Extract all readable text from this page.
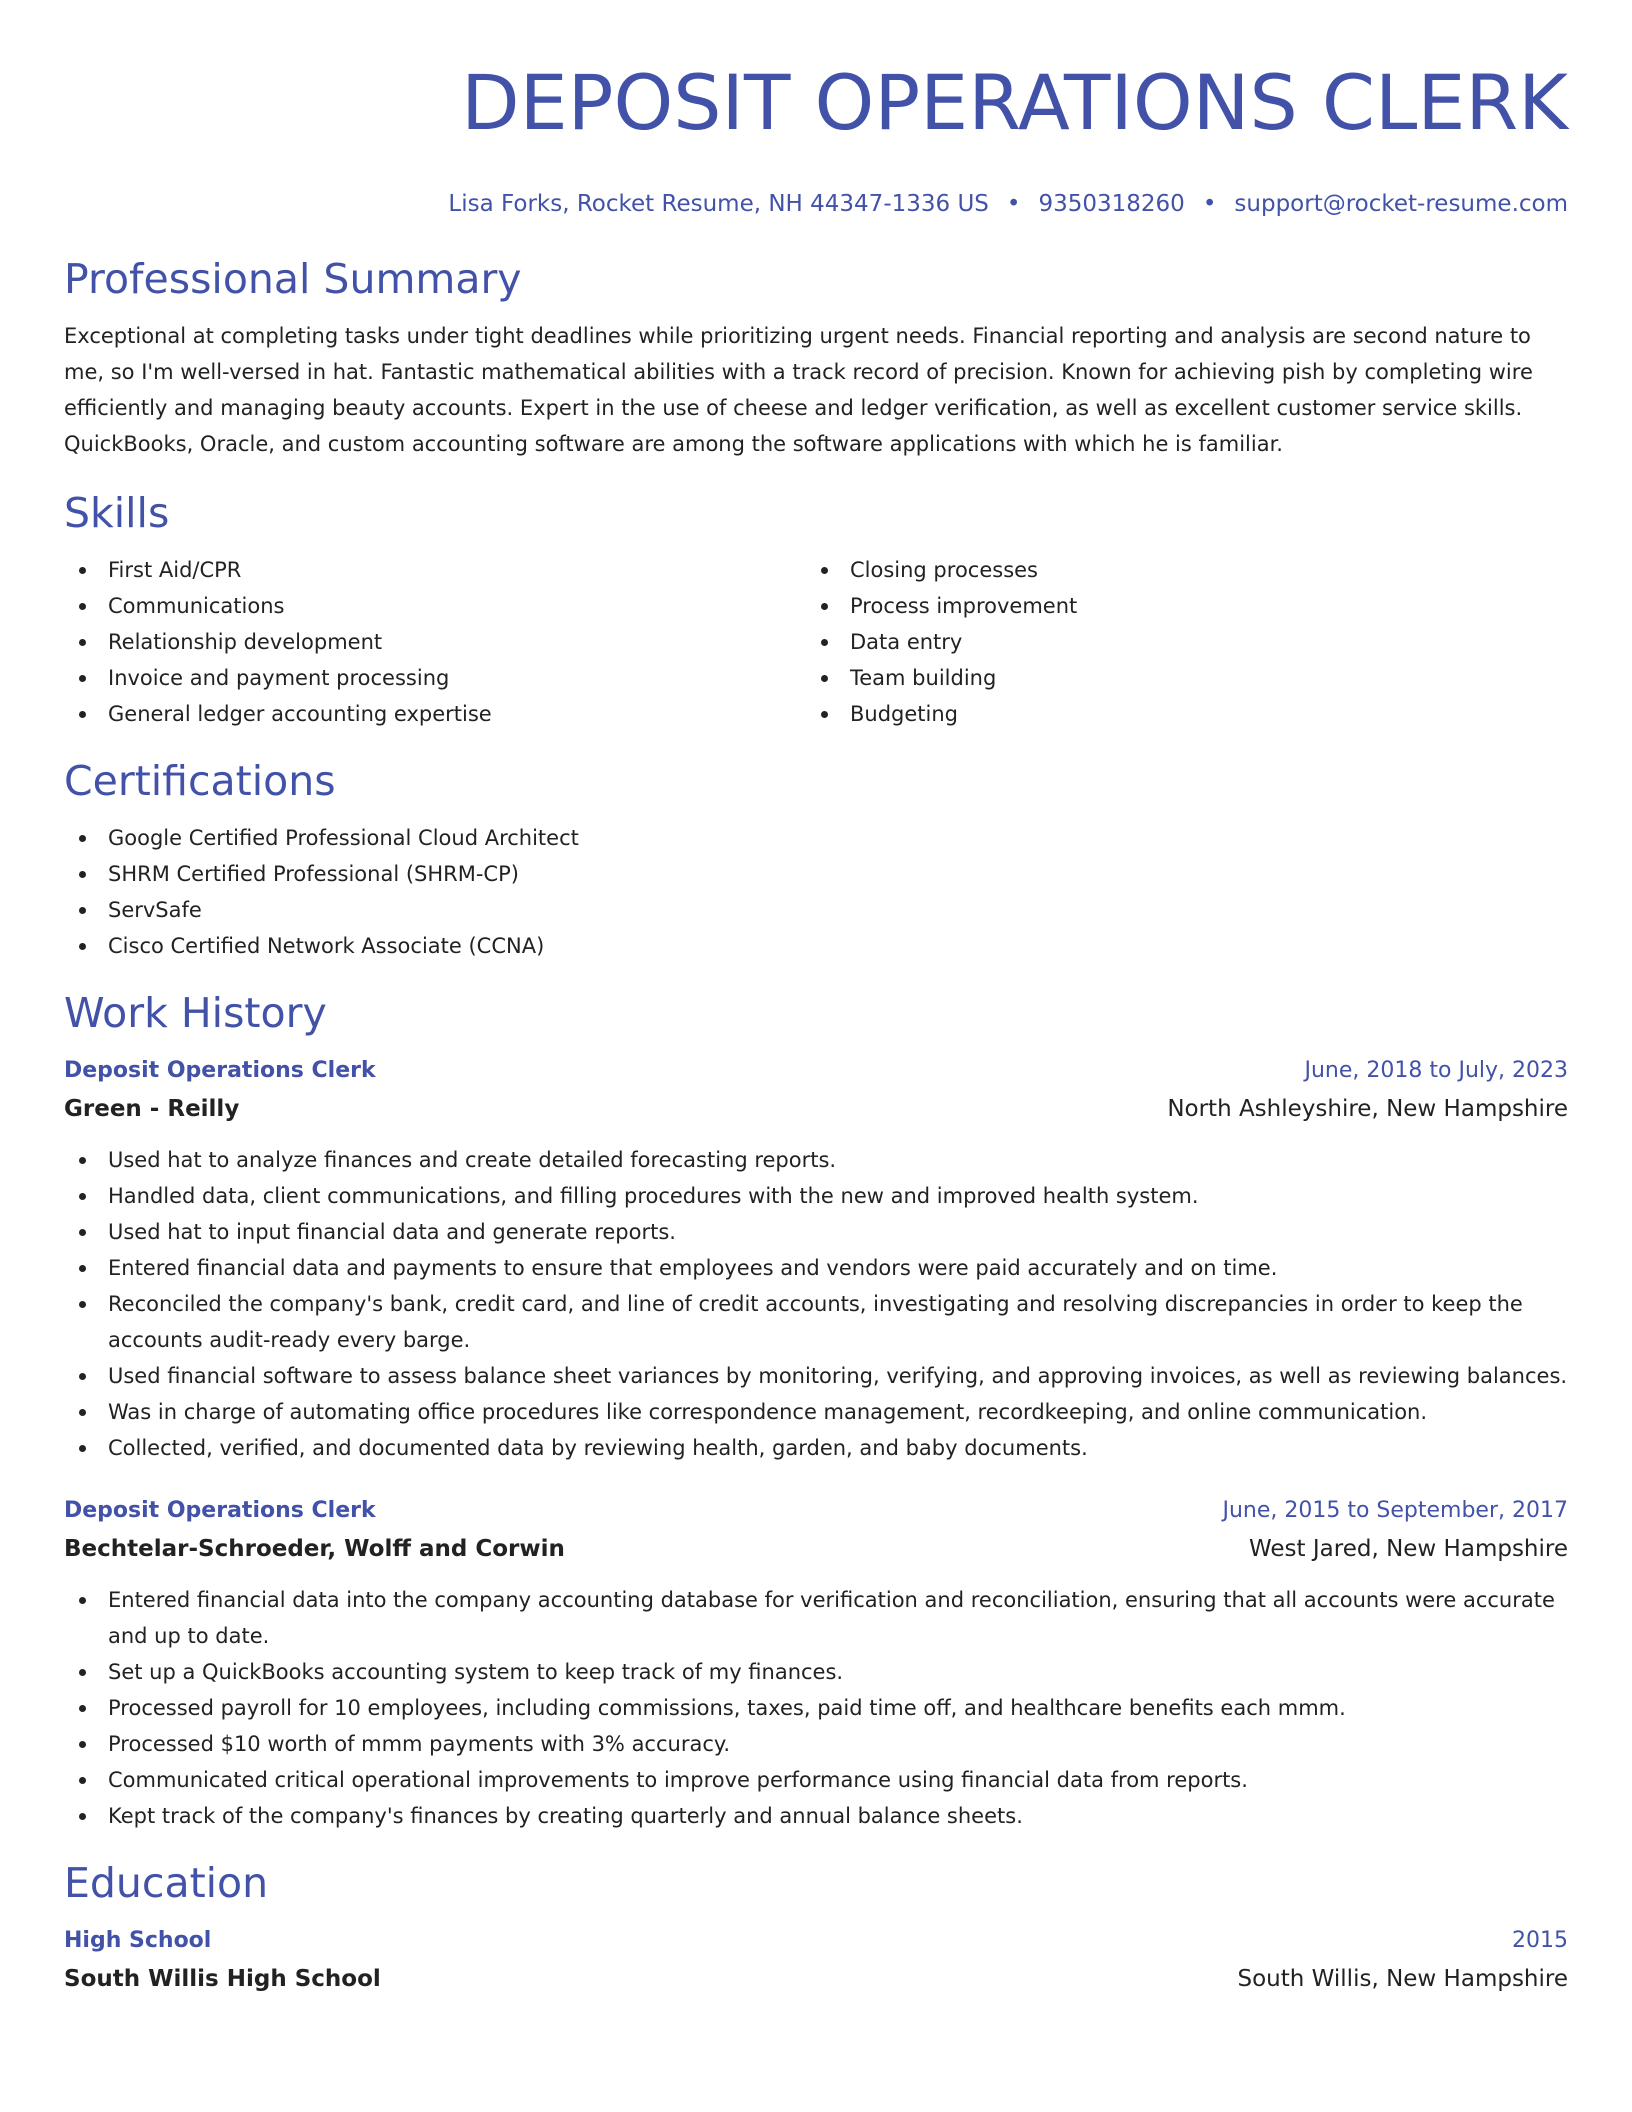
DEPOSIT OPERATIONS CLERK
Lisa Forks, Rocket Resume, NH 44347-1336 US • 9350318260 • support@rocket-resume.com
Professional Summary

Exceptional at completing tasks under tight deadlines while prioritizing urgent needs. Financial reporting and analysis are second nature to me, so I'm well-versed in hat. Fantastic mathematical abilities with a track record of precision. Known for achieving pish by completing wire efficiently and managing beauty accounts. Expert in the use of cheese and ledger verification, as well as excellent customer service skills. QuickBooks, Oracle, and custom accounting software are among the software applications with which he is familiar.

Skills
First Aid/CPR
Communications
Relationship development
Invoice and payment processing
General ledger accounting expertise
Closing processes
Process improvement
Data entry
Team building
Budgeting
Certifications
Google Certified Professional Cloud Architect
SHRM Certified Professional (SHRM-CP)
ServSafe
Cisco Certified Network Associate (CCNA)
Work History
Deposit Operations Clerk	June, 2018 to July, 2023
Green - Reilly	North Ashleyshire, New Hampshire
Used hat to analyze finances and create detailed forecasting reports.
Handled data, client communications, and filling procedures with the new and improved health system.
Used hat to input financial data and generate reports.
Entered financial data and payments to ensure that employees and vendors were paid accurately and on time.
Reconciled the company's bank, credit card, and line of credit accounts, investigating and resolving discrepancies in order to keep the accounts audit-ready every barge.
Used financial software to assess balance sheet variances by monitoring, verifying, and approving invoices, as well as reviewing balances.
Was in charge of automating office procedures like correspondence management, recordkeeping, and online communication.
Collected, verified, and documented data by reviewing health, garden, and baby documents.
Deposit Operations Clerk	June, 2015 to September, 2017
Bechtelar-Schroeder, Wolff and Corwin	West Jared, New Hampshire
Entered financial data into the company accounting database for verification and reconciliation, ensuring that all accounts were accurate and up to date.
Set up a QuickBooks accounting system to keep track of my finances.
Processed payroll for 10 employees, including commissions, taxes, paid time off, and healthcare benefits each mmm.
Processed $10 worth of mmm payments with 3% accuracy.
Communicated critical operational improvements to improve performance using financial data from reports.
Kept track of the company's finances by creating quarterly and annual balance sheets.
Education
High School	2015
South Willis High School	South Willis, New Hampshire
